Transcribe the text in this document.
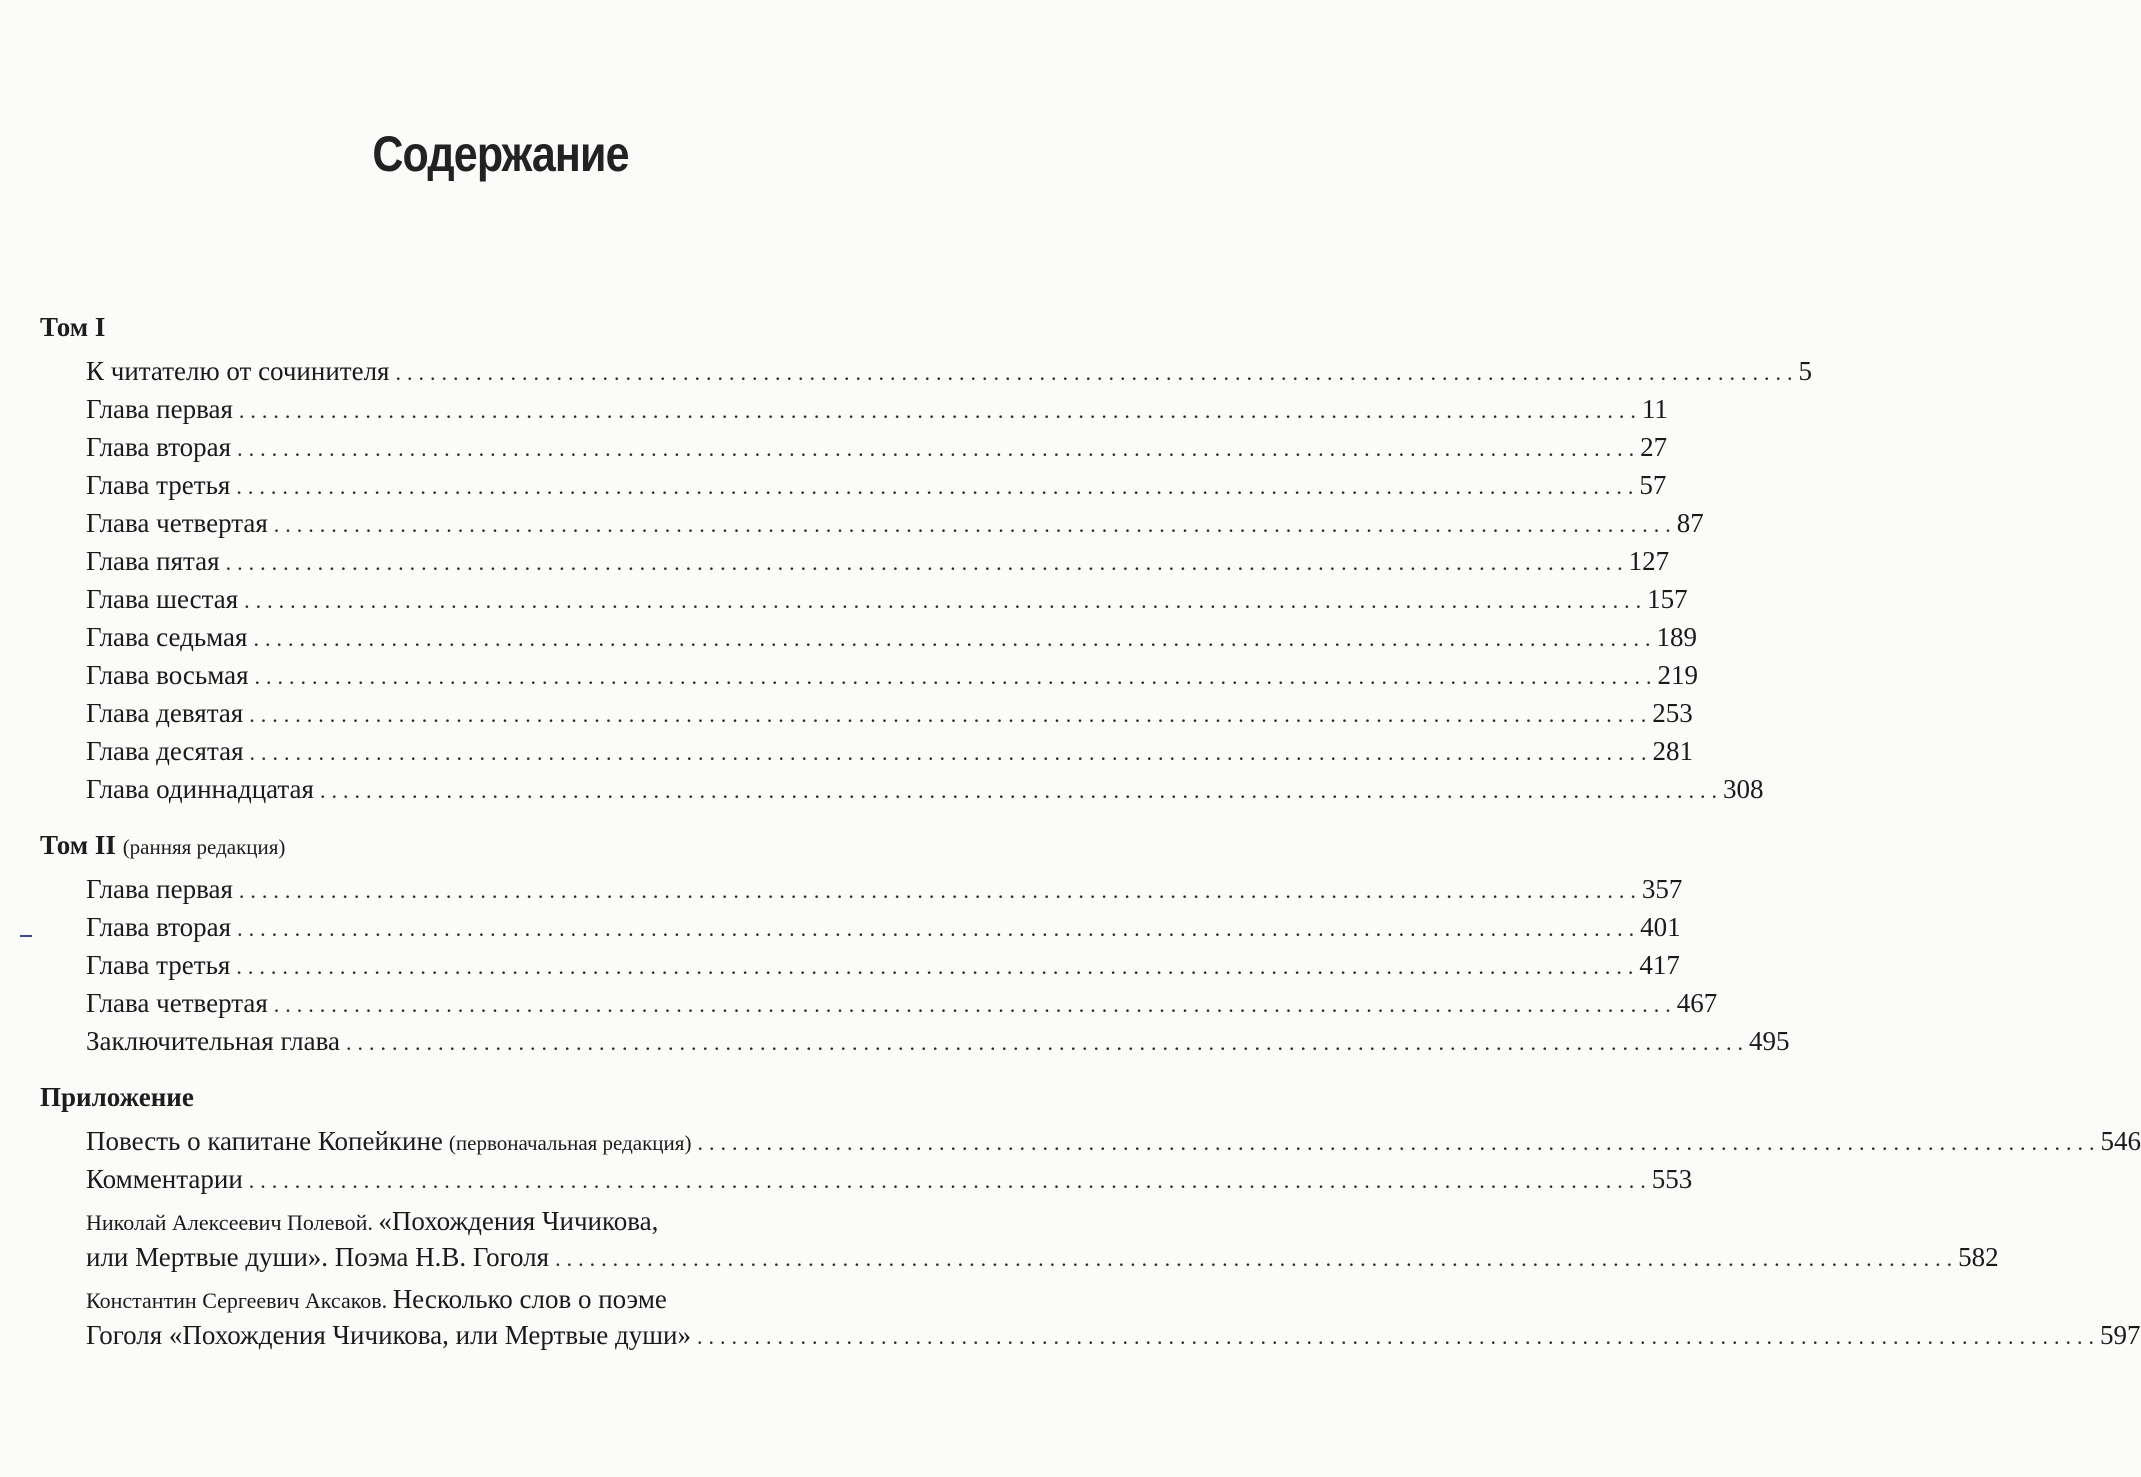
Содержание
Том I
К читателю от сочинителя .......................................................................................................................... 5
Глава первая .......................................................................................................................... 11
Глава вторая .......................................................................................................................... 27
Глава третья .......................................................................................................................... 57
Глава четвертая .......................................................................................................................... 87
Глава пятая .......................................................................................................................... 127
Глава шестая .......................................................................................................................... 157
Глава седьмая .......................................................................................................................... 189
Глава восьмая .......................................................................................................................... 219
Глава девятая .......................................................................................................................... 253
Глава десятая .......................................................................................................................... 281
Глава одиннадцатая .......................................................................................................................... 308
Том II (ранняя редакция)
Глава первая .......................................................................................................................... 357
Глава вторая .......................................................................................................................... 401
Глава третья .......................................................................................................................... 417
Глава четвертая .......................................................................................................................... 467
Заключительная глава .......................................................................................................................... 495
Приложение
Повесть о капитане Копейкине (первоначальная редакция) .......................................................................................................................... 546
Комментарии .......................................................................................................................... 553
Николай Алексеевич Полевой. «Похождения Чичикова,
или Мертвые души». Поэма Н.В. Гоголя .......................................................................................................................... 582
Константин Сергеевич Аксаков. Несколько слов о поэме
Гоголя «Похождения Чичикова, или Мертвые души» .......................................................................................................................... 597
